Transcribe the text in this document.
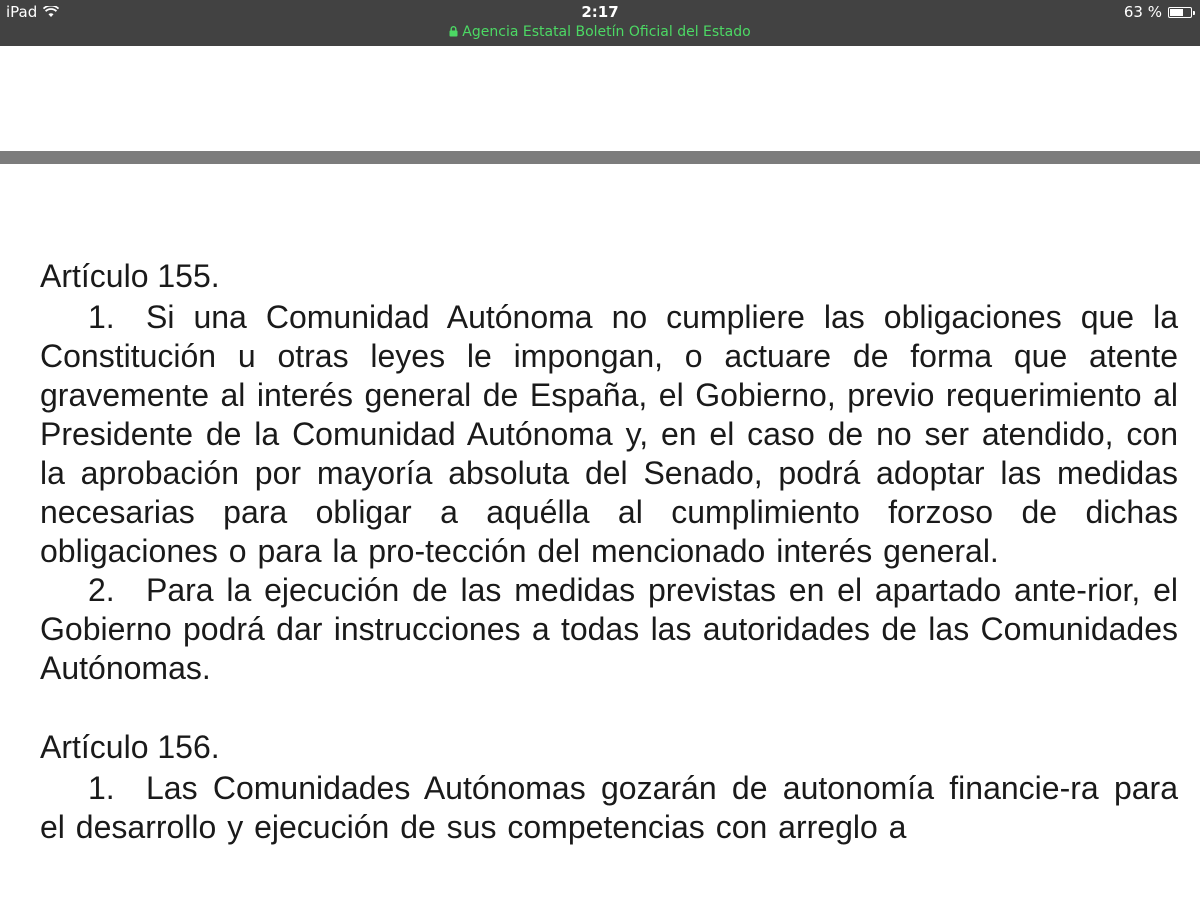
iPad	2:17
Agencia Estatal Boletín Oficial del Estado
63 %

Artículo 155.

1. Si una Comunidad Autónoma no cumpliere las obligaciones que la Constitución u otras leyes le impongan, o actuare de forma que atente gravemente al interés general de España, el Gobierno, previo requerimiento al Presidente de la Comunidad Autónoma y, en el caso de no ser atendido, con la aprobación por mayoría absoluta del Senado, podrá adoptar las medidas necesarias para obligar a aquélla al cumplimiento forzoso de dichas obligaciones o para la pro-tección del mencionado interés general.

2. Para la ejecución de las medidas previstas en el apartado ante-rior, el Gobierno podrá dar instrucciones a todas las autoridades de las Comunidades Autónomas.

Artículo 156.

1. Las Comunidades Autónomas gozarán de autonomía financie-ra para el desarrollo y ejecución de sus competencias con arreglo a
